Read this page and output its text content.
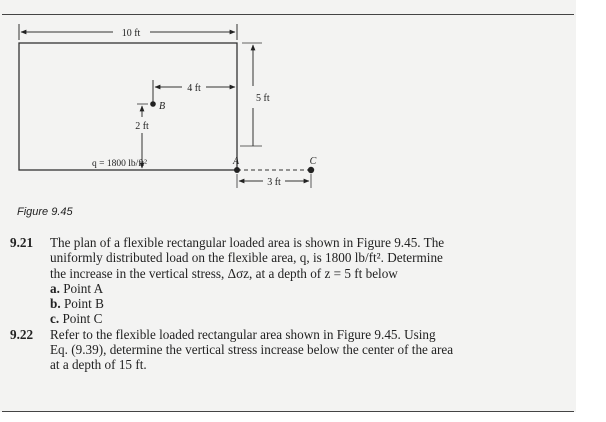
10 ft
4 ft
B
2 ft
5 ft
q = 1800 lb/ft²	A	C
3 ft
Figure 9.45
9.21 The plan of a flexible rectangular loaded area is shown in Figure 9.45. The
uniformly distributed load on the flexible area, q, is 1800 lb/ft². Determine
the increase in the vertical stress, Δσz, at a depth of z = 5 ft below
a. Point A
b. Point B
c. Point C
9.22 Refer to the flexible loaded rectangular area shown in Figure 9.45. Using
Eq. (9.39), determine the vertical stress increase below the center of the area
at a depth of 15 ft.
